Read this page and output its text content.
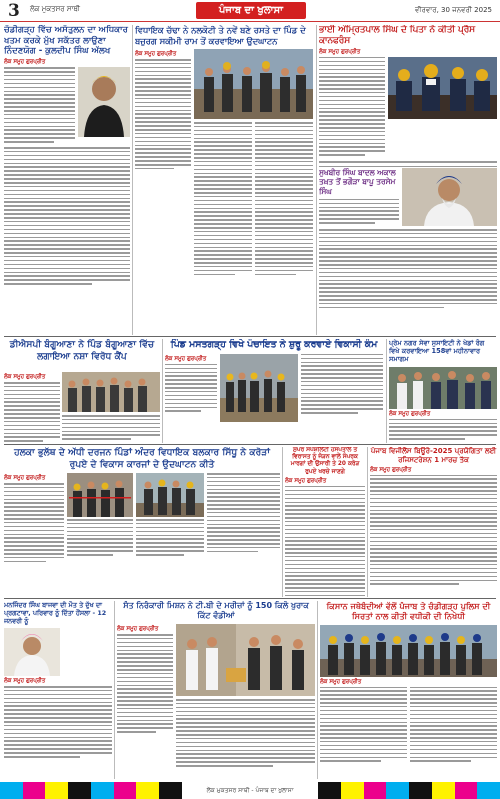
3 ਲੋਕ ਮੁਕਤਸਰ ਸਾਥੀ	ਪੰਜਾਬ ਦਾ ਖੁਲਾਸਾ	ਵੀਰਵਾਰ, 30 ਜਨਵਰੀ 2025
ਚੰਡੀਗੜ੍ਹ ਵਿੱਚ ਅਸੰਤੁਲਨ ਦਾ ਅਧਿਕਾਰ ਖਤਮ ਕਰਕੇ ਮੁੱਖ ਸਕੱਤਰ ਲਾਉਣਾ ਨਿੰਦਣਯੋਗ - ਕੁਲਦੀਪ ਸਿੰਘ ਅੱਲਖ
ਲੋਕ ਸਮੂਹ ਗੁਰਪ੍ਰੀਤ
ਵਿਧਾਇਕ ਚੱਢਾ ਨੇ ਨਲਕੋਟੀ ਤੇ ਨਵੇਂ ਬਣੇ ਰਸਤੇ ਦਾ ਪਿੰਡ ਦੇ ਬਜ਼ੁਰਗ ਸਕੀਮੀ ਰਾਮ ਤੋਂ ਕਰਵਾਇਆ ਉਦਘਾਟਨ
ਲੋਕ ਸਮੂਹ ਗੁਰਪ੍ਰੀਤ
ਭਾਈ ਅੰਮ੍ਰਿਤਪਾਲ ਸਿੰਘ ਦੇ ਪਿਤਾ ਨੇ ਕੀਤੀ ਪ੍ਰੈਸ ਕਾਨਫਰੰਸ
ਲੋਕ ਸਮੂਹ ਗੁਰਪ੍ਰੀਤ
ਸੁਖਬੀਰ ਸਿੰਘ ਬਾਦਲ ਅਕਾਲ ਤਖ਼ਤ ਤੋਂ ਭਗੌੜਾ ਬਾਪੂ ਤਰਸੇਮ ਸਿੰਘ
ਡੀਐਸਪੀ ਬੰਗੂਆਣਾ ਨੇ ਪਿੰਡ ਬੰਗੂਆਣਾ ਵਿੱਚ ਲਗਾਇਆ ਨਸ਼ਾ ਵਿਰੋਧ ਕੈਂਪ
ਲੋਕ ਸਮੂਹ ਗੁਰਪ੍ਰੀਤ
ਪਿੰਡ ਮਸਤਗੜ੍ਹ ਵਿਖੇ ਪੰਚਾਇਤ ਨੇ ਸ਼ੁਰੂ ਕਰਵਾਏ ਵਿਕਾਸੀ ਕੰਮ
ਲੋਕ ਸਮੂਹ ਗੁਰਪ੍ਰੀਤ
ਪ੍ਰੇਮ ਨਗਰ ਸੇਵਾ ਸੁਸਾਇਟੀ ਨੇ ਖੇਡਾਂ ਰੰਗ ਵਿਖੇ ਕਰਵਾਇਆ 158ਵਾਂ ਮਹੀਨਾਵਾਰ ਸਮਾਗਮ
ਲੋਕ ਸਮੂਹ ਗੁਰਪ੍ਰੀਤ
ਹਲਕਾ ਭੁਲੱਥ ਦੇ ਅੱਧੀ ਦਰਜਨ ਪਿੰਡਾਂ ਅੰਦਰ ਵਿਧਾਇਕ ਬਲਕਾਰ ਸਿੱਧੂ ਨੇ ਕਰੋੜਾਂ ਰੁਪਏ ਦੇ ਵਿਕਾਸ ਕਾਰਜਾਂ ਦੇ ਉਦਘਾਟਨ ਕੀਤੇ
ਲੋਕ ਸਮੂਹ ਗੁਰਪ੍ਰੀਤ
ਸੁਪਰ ਸਪੈਸ਼ਲਿਟੀ ਹਸਪਤਾਲ ਤੋਂ ਵਿਰਾਸਤ ਨੂੰ ਜੋੜਨ ਵਾਲੇ ਸੰਪਰਕ ਮਾਰਗਾਂ ਦੀ ਉਸਾਰੀ ਤੇ 20 ਕਰੋੜ ਰੁਪਏ ਖਰਚੇ ਜਾਣਗੇ
ਲੋਕ ਸਮੂਹ ਗੁਰਪ੍ਰੀਤ
ਪੰਜਾਬ ਵਿਜੀਲੈਂਸ ਬਿਊਰੋ-2025 ਪ੍ਰਯੋਗਿਤਾ ਲਈ ਰਜਿਸਟਰੇਸ਼ਨ 1 ਮਾਰਚ ਤੱਕ
ਲੋਕ ਸਮੂਹ ਗੁਰਪ੍ਰੀਤ
ਮਨਜਿੰਦਰ ਸਿੰਘ ਬਾਜਵਾ ਦੀ ਮੌਤ ਤੇ ਦੁੱਖ ਦਾ ਪ੍ਰਗਟਾਵਾ, ਪਰਿਵਾਰ ਨੂੰ ਦਿੱਤਾ ਹੌਂਸਲਾ - 12 ਜਨਵਰੀ ਨੂੰ
ਲੋਕ ਸਮੂਹ ਗੁਰਪ੍ਰੀਤ
ਸੰਤ ਨਿਰੰਕਾਰੀ ਮਿਸ਼ਨ ਨੇ ਟੀ.ਬੀ ਦੇ ਮਰੀਜ਼ਾਂ ਨੂੰ 150 ਕਿਲੋ ਖੁਰਾਕ ਕਿੱਟ ਵੰਡੀਆਂ
ਲੋਕ ਸਮੂਹ ਗੁਰਪ੍ਰੀਤ
ਕਿਸਾਨ ਜਥੇਬੰਦੀਆਂ ਵੱਲੋਂ ਪੰਜਾਬ ਤੇ ਚੰਡੀਗੜ੍ਹ ਪੁਲਿਸ ਦੀ ਸਿਰਤਾਂ ਨਾਲ ਕੀਤੀ ਵਧੀਕੀ ਦੀ ਨਿਖੇਧੀ
ਲੋਕ ਸਮੂਹ ਗੁਰਪ੍ਰੀਤ
ਲੋਕ ਮੁਕਤਸਰ ਸਾਥੀ - ਪੰਜਾਬ ਦਾ ਖੁਲਾਸਾ
